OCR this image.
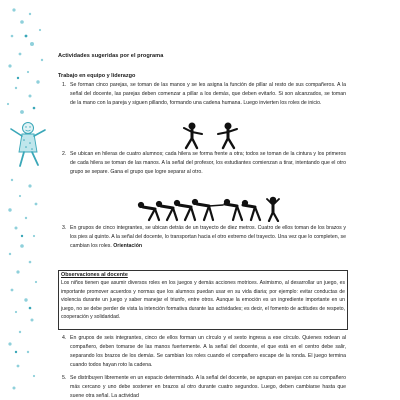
Actividades sugeridas por el programa

Trabajo en equipo y liderazgo

1. Se forman cinco parejas, se toman de las manos y se les asigna la función de pillar al resto de sus compañeros. A la señal del docente, las parejas deben comenzar a pillar a los demás, que deben evitarlo. Si son alcanzados, se toman de la mano con la pareja y siguen pillando, formando una cadena humana. Luego invierten los roles de inicio.
2. Se ubican en hileras de cuatro alumnos; cada hilera se forma frente a otra; todos se toman de la cintura y los primeros de cada hilera se toman de las manos. A la señal del profesor, los estudiantes comienzan a tirar, intentando que el otro grupo se separe. Gana el grupo que logre separar al otro.
3. En grupos de cinco integrantes, se ubican detrás de un trayecto de diez metros. Cuatro de ellos toman de los brazos y los pies al quinto. A la señal del docente, lo transportan hacia el otro extremo del trayecto. Una vez que lo completen, se cambian los roles. Orientación
Observaciones al docente
Los niños tienen que asumir diversos roles en los juegos y demás acciones motrices. Asimismo, al desarrollar un juego, es importante promover acuerdos y normas que los alumnos puedan usar en su vida diaria; por ejemplo: evitar conductas de violencia durante un juego y saber manejar el triunfo, entre otros. Aunque la emoción es un ingrediente importante en un juego, no se debe perder de vista la intención formativa durante las actividades; es decir, el fomento de actitudes de respeto, cooperación y solidaridad.
4. En grupos de seis integrantes, cinco de ellos forman un círculo y el sexto ingresa a ese círculo. Quienes rodean al compañero, deben tomarse de las manos fuertemente. A la señal del docente, el que está en el centro debe salir, separando los brazos de los demás. Se cambian los roles cuando el compañero escape de la ronda. El juego termina cuando todos hayan roto la cadena.
5. Se distribuyen libremente en un espacio determinado. A la señal del docente, se agrupan en parejas con su compañero más cercano y uno debe sostener en brazos al otro durante cuatro segundos. Luego, deben cambiarse hasta que suene otra señal. La actividad
